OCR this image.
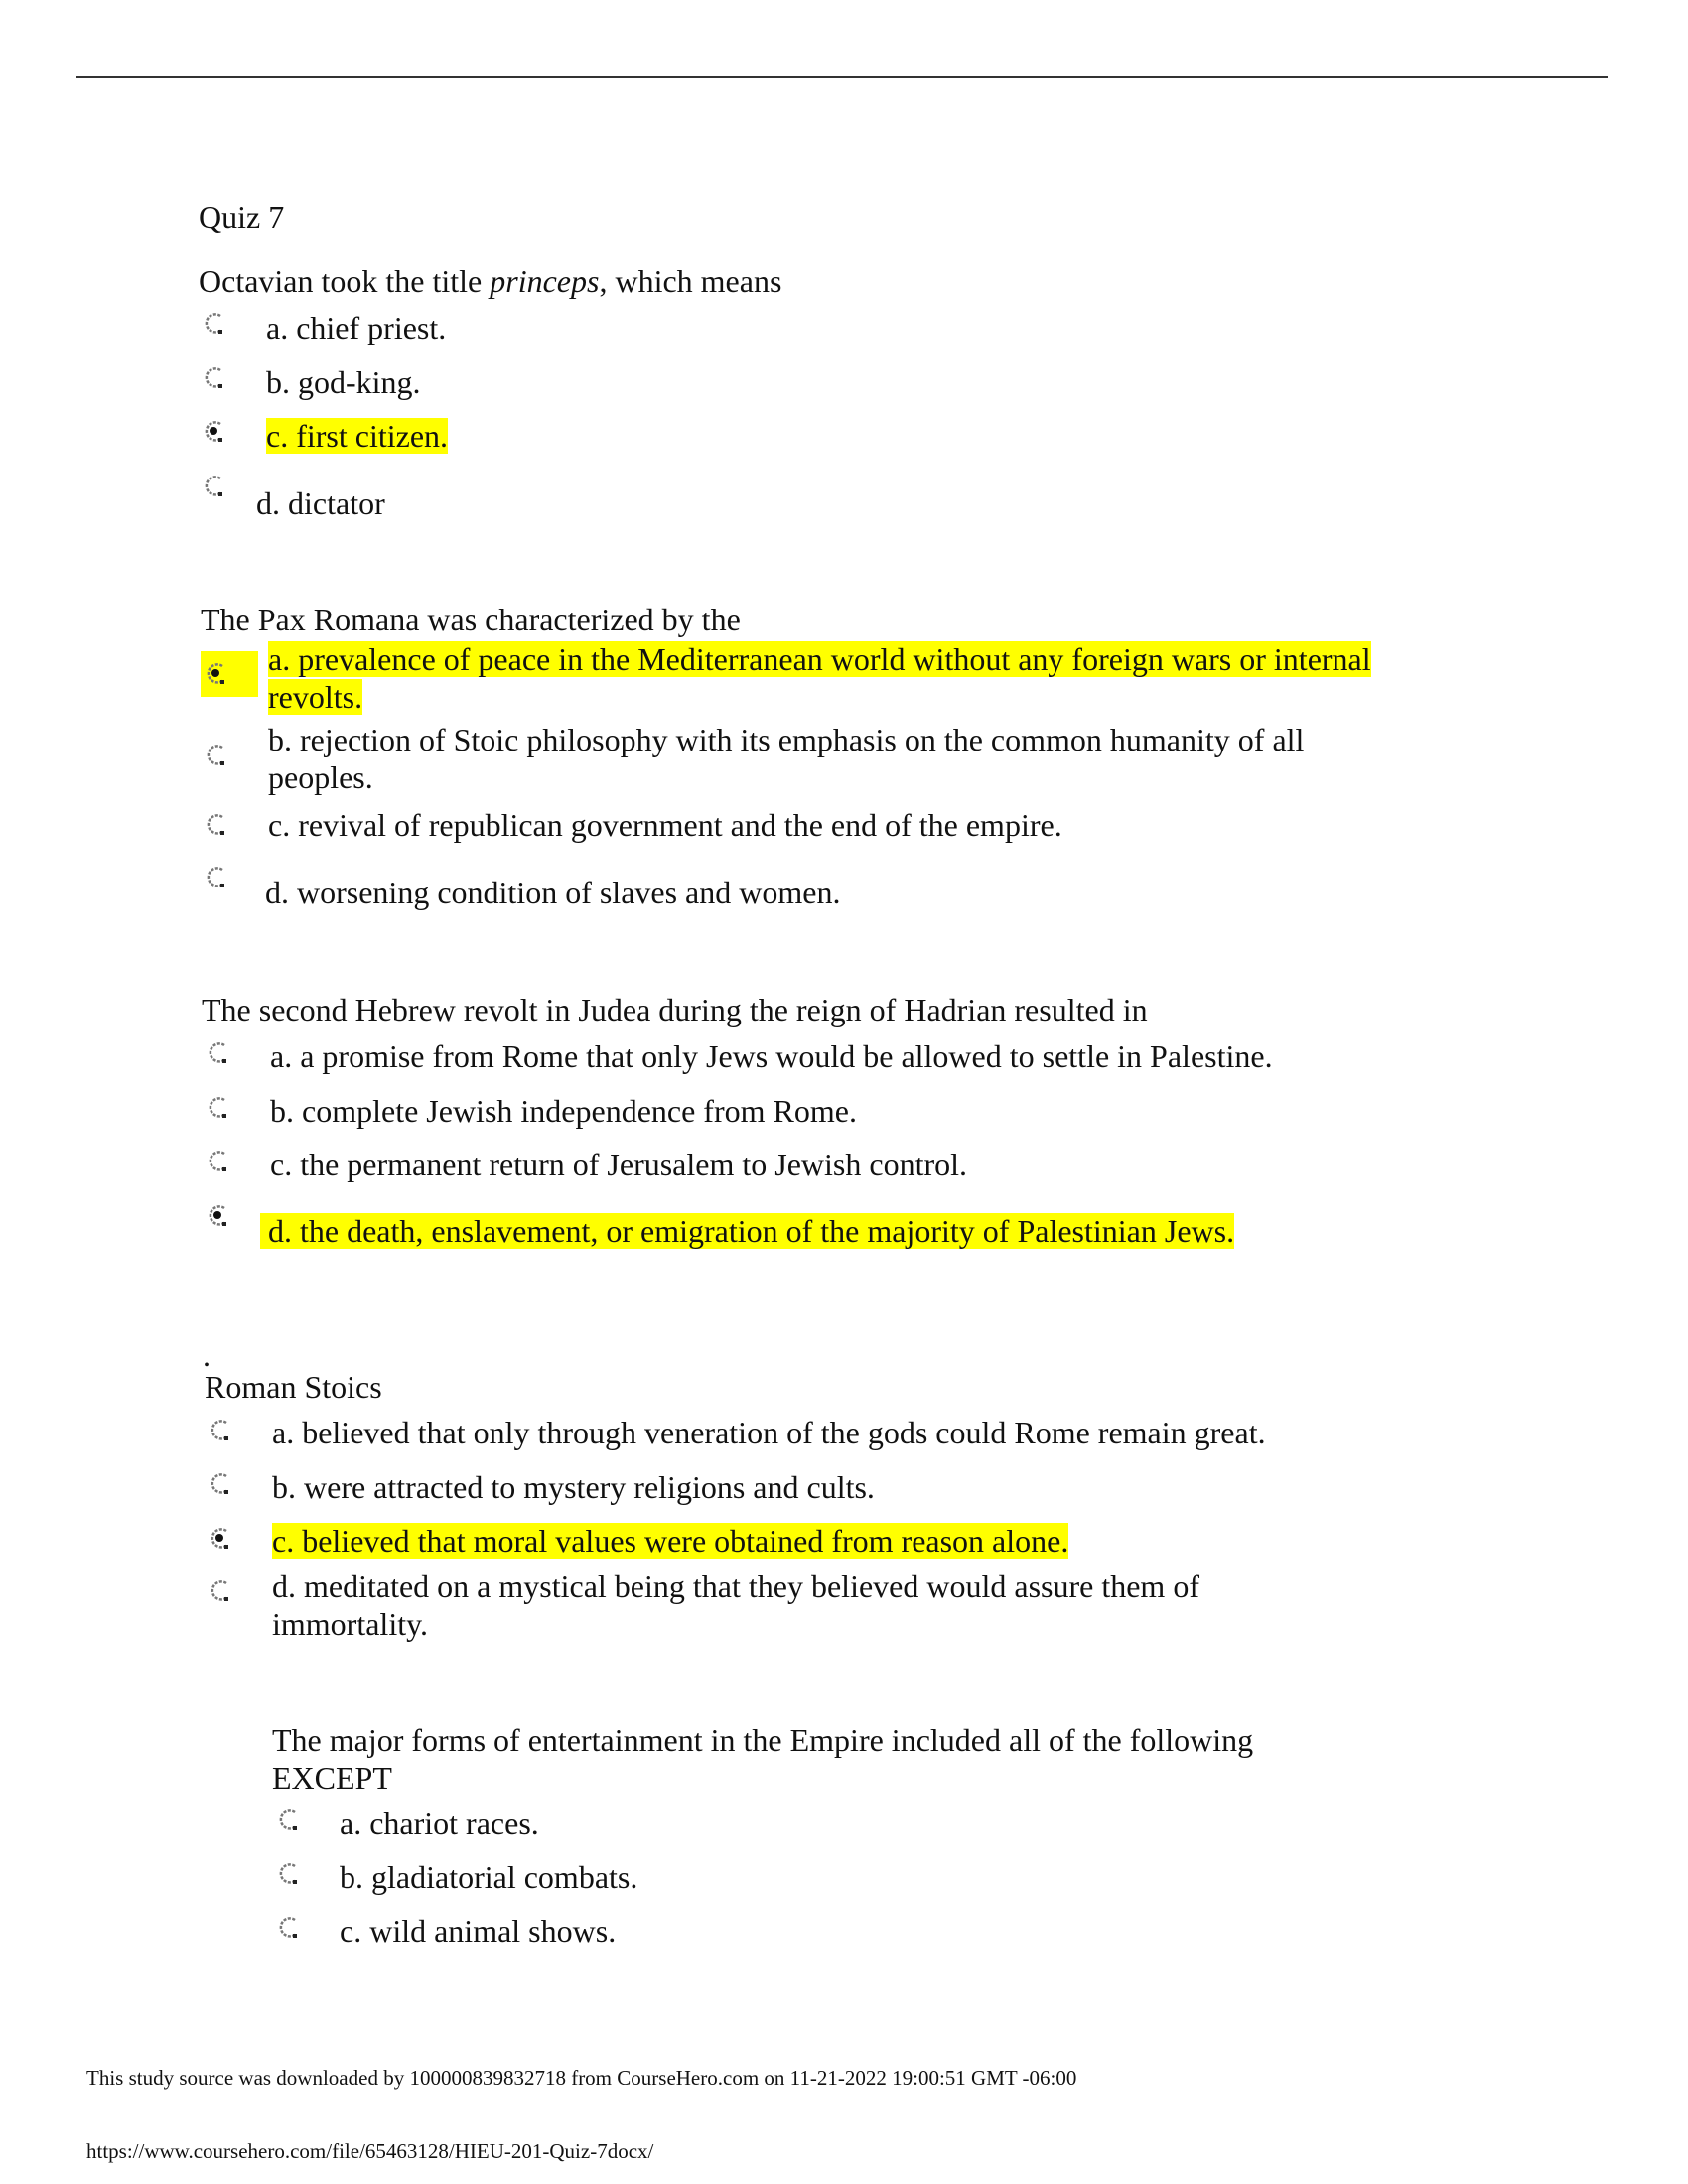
Quiz 7
Octavian took the title princeps, which means
a. chief priest.
b. god-king.
c. first citizen.
d. dictator
The Pax Romana was characterized by the
a. prevalence of peace in the Mediterranean world without any foreign wars or internal
revolts.
b. rejection of Stoic philosophy with its emphasis on the common humanity of all
peoples.
c. revival of republican government and the end of the empire.
d. worsening condition of slaves and women.
The second Hebrew revolt in Judea during the reign of Hadrian resulted in
a. a promise from Rome that only Jews would be allowed to settle in Palestine.
b. complete Jewish independence from Rome.
c. the permanent return of Jerusalem to Jewish control.
d. the death, enslavement, or emigration of the majority of Palestinian Jews.
.
Roman Stoics
a. believed that only through veneration of the gods could Rome remain great.
b. were attracted to mystery religions and cults.
c. believed that moral values were obtained from reason alone.
d. meditated on a mystical being that they believed would assure them of
immortality.
The major forms of entertainment in the Empire included all of the following
EXCEPT
a. chariot races.
b. gladiatorial combats.
c. wild animal shows.
This study source was downloaded by 100000839832718 from CourseHero.com on 11-21-2022 19:00:51 GMT -06:00
https://www.coursehero.com/file/65463128/HIEU-201-Quiz-7docx/
